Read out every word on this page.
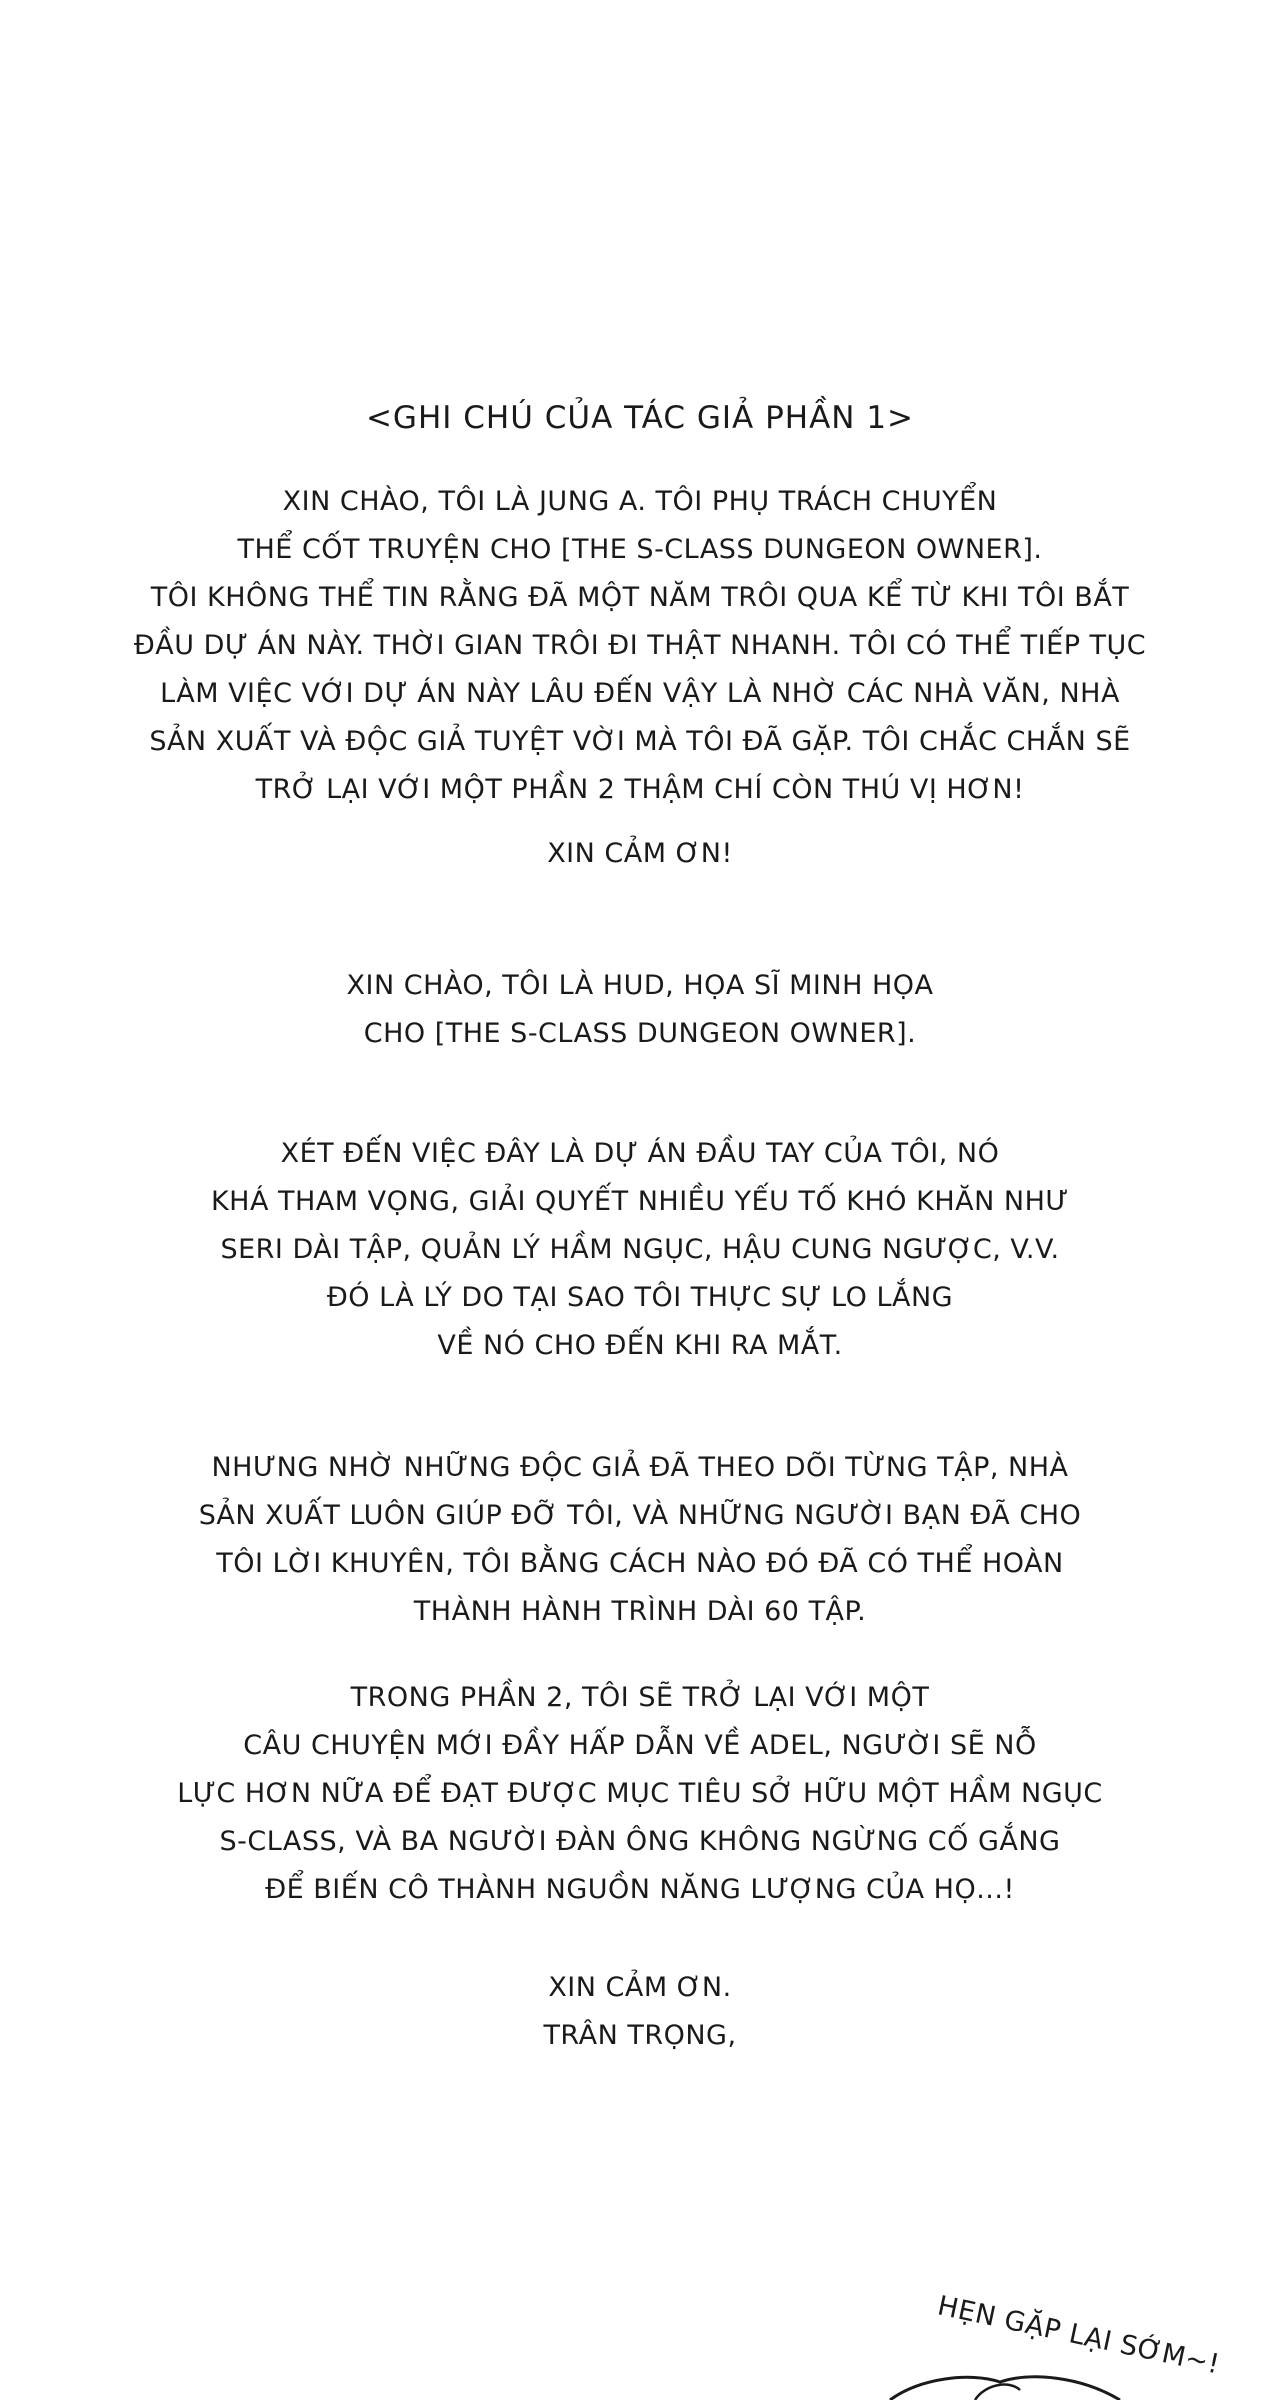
<GHI CHÚ CỦA TÁC GIẢ PHẦN 1>
XIN CHÀO, TÔI LÀ JUNG A. TÔI PHỤ TRÁCH CHUYỂN
THỂ CỐT TRUYỆN CHO [THE S-CLASS DUNGEON OWNER].
TÔI KHÔNG THỂ TIN RẰNG ĐÃ MỘT NĂM TRÔI QUA KỂ TỪ KHI TÔI BẮT
ĐẦU DỰ ÁN NÀY. THỜI GIAN TRÔI ĐI THẬT NHANH. TÔI CÓ THỂ TIẾP TỤC
LÀM VIỆC VỚI DỰ ÁN NÀY LÂU ĐẾN VẬY LÀ NHỜ CÁC NHÀ VĂN, NHÀ
SẢN XUẤT VÀ ĐỘC GIẢ TUYỆT VỜI MÀ TÔI ĐÃ GẶP. TÔI CHẮC CHẮN SẼ
TRỞ LẠI VỚI MỘT PHẦN 2 THẬM CHÍ CÒN THÚ VỊ HƠN!
XIN CẢM ƠN!
XIN CHÀO, TÔI LÀ HUD, HỌA SĨ MINH HỌA
CHO [THE S-CLASS DUNGEON OWNER].
XÉT ĐẾN VIỆC ĐÂY LÀ DỰ ÁN ĐẦU TAY CỦA TÔI, NÓ
KHÁ THAM VỌNG, GIẢI QUYẾT NHIỀU YẾU TỐ KHÓ KHĂN NHƯ
SERI DÀI TẬP, QUẢN LÝ HẦM NGỤC, HẬU CUNG NGƯỢC, V.V.
ĐÓ LÀ LÝ DO TẠI SAO TÔI THỰC SỰ LO LẮNG
VỀ NÓ CHO ĐẾN KHI RA MẮT.
NHƯNG NHỜ NHỮNG ĐỘC GIẢ ĐÃ THEO DÕI TỪNG TẬP, NHÀ
SẢN XUẤT LUÔN GIÚP ĐỠ TÔI, VÀ NHỮNG NGƯỜI BẠN ĐÃ CHO
TÔI LỜI KHUYÊN, TÔI BẰNG CÁCH NÀO ĐÓ ĐÃ CÓ THỂ HOÀN
THÀNH HÀNH TRÌNH DÀI 60 TẬP.
TRONG PHẦN 2, TÔI SẼ TRỞ LẠI VỚI MỘT
CÂU CHUYỆN MỚI ĐẦY HẤP DẪN VỀ ADEL, NGƯỜI SẼ NỖ
LỰC HƠN NỮA ĐỂ ĐẠT ĐƯỢC MỤC TIÊU SỞ HỮU MỘT HẦM NGỤC
S-CLASS, VÀ BA NGƯỜI ĐÀN ÔNG KHÔNG NGỪNG CỐ GẮNG
ĐỂ BIẾN CÔ THÀNH NGUỒN NĂNG LƯỢNG CỦA HỌ...!
XIN CẢM ƠN.
TRÂN TRỌNG,
HẸN GẶP LẠI SỚM~!
